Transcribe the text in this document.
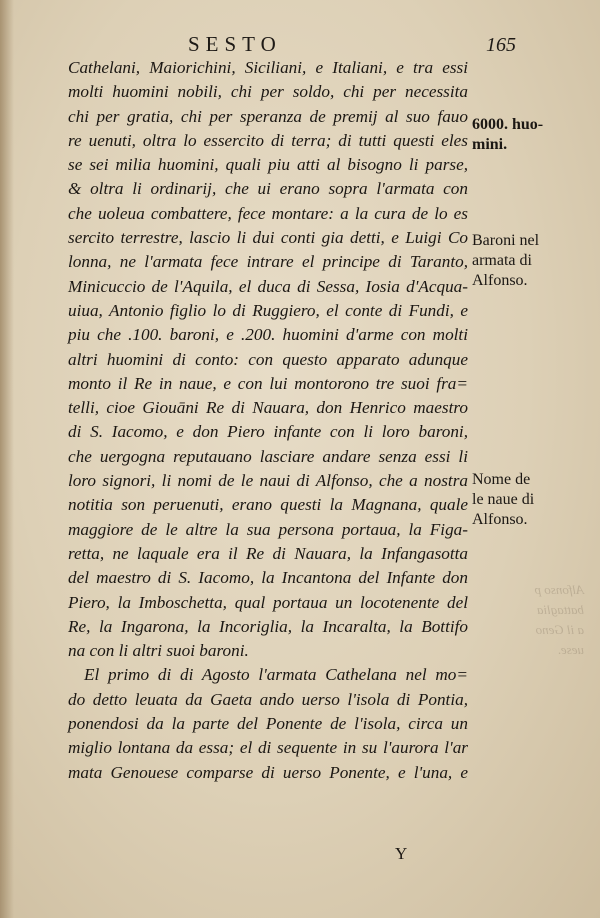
SESTO	165
Alfonso p
battaglia
a il Geno
uese.
Cathelani, Maiorichini, Siciliani, e Italiani, e tra essi
molti huomini nobili, chi per soldo, chi per necessita
chi per gratia, chi per speranza de premij al suo fauo
re uenuti, oltra lo essercito di terra; di tutti questi eles
se sei milia huomini, quali piu atti al bisogno li parse,
& oltra li ordinarij, che ui erano sopra l'armata con
che uoleua combattere, fece montare: a la cura de lo es
sercito terrestre, lascio li dui conti gia detti, e Luigi Co
lonna, ne l'armata fece intrare el principe di Taranto,
Minicuccio de l'Aquila, el duca di Sessa, Iosia d'Acqua-
uiua, Antonio figlio lo di Ruggiero, el conte di Fundi, e
piu che .100. baroni, e .200. huomini d'arme con molti
altri huomini di conto: con questo apparato adunque
monto il Re in naue, e con lui montorono tre suoi fra=
telli, cioe Giouāni Re di Nauara, don Henrico maestro
di S. Iacomo, e don Piero infante con li loro baroni,
che uergogna reputauano lasciare andare senza essi li
loro signori, li nomi de le naui di Alfonso, che a nostra
notitia son peruenuti, erano questi la Magnana, quale
maggiore de le altre la sua persona portaua, la Figa-
retta, ne laquale era il Re di Nauara, la Infangasotta
del maestro di S. Iacomo, la Incantona del Infante don
Piero, la Imboschetta, qual portaua un locotenente del
Re, la Ingarona, la Incoriglia, la Incaralta, la Bottifo
na con li altri suoi baroni.
El primo di di Agosto l'armata Cathelana nel mo=
do detto leuata da Gaeta ando uerso l'isola di Pontia,
ponendosi da la parte del Ponente de l'isola, circa un
miglio lontana da essa; el di sequente in su l'aurora l'ar
mata Genouese comparse di uerso Ponente, e l'una, e
6000. huo-
mini.
Baroni nel
armata di
Alfonso.
Nome de
le naue di
Alfonso.
Y
